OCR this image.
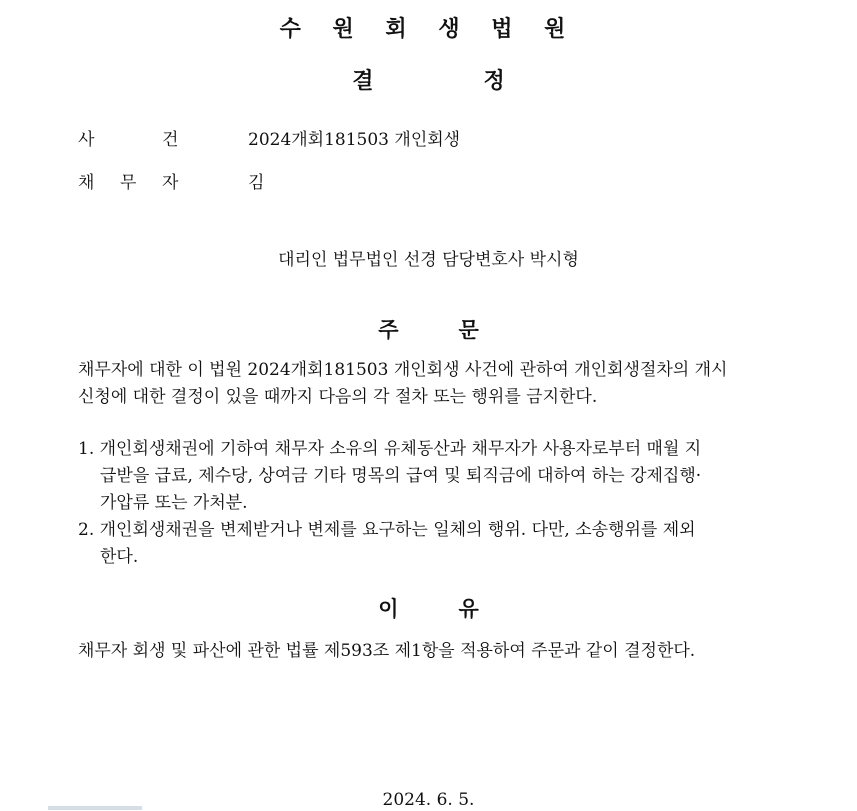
수 원 회 생 법 원
결	정
사	건	2024개회181503 개인회생
채 무 자	김
대리인 법무법인 선경 담당변호사 박시형
주	문
채무자에 대한 이 법원 2024개회181503 개인회생 사건에 관하여 개인회생절차의 개시
신청에 대한 결정이 있을 때까지 다음의 각 절차 또는 행위를 금지한다.
1. 개인회생채권에 기하여 채무자 소유의 유체동산과 채무자가 사용자로부터 매월 지
급받을 급료, 제수당, 상여금 기타 명목의 급여 및 퇴직금에 대하여 하는 강제집행·
가압류 또는 가처분.
2. 개인회생채권을 변제받거나 변제를 요구하는 일체의 행위. 다만, 소송행위를 제외
한다.
이	유
채무자 회생 및 파산에 관한 법률 제593조 제1항을 적용하여 주문과 같이 결정한다.
2024. 6. 5.
